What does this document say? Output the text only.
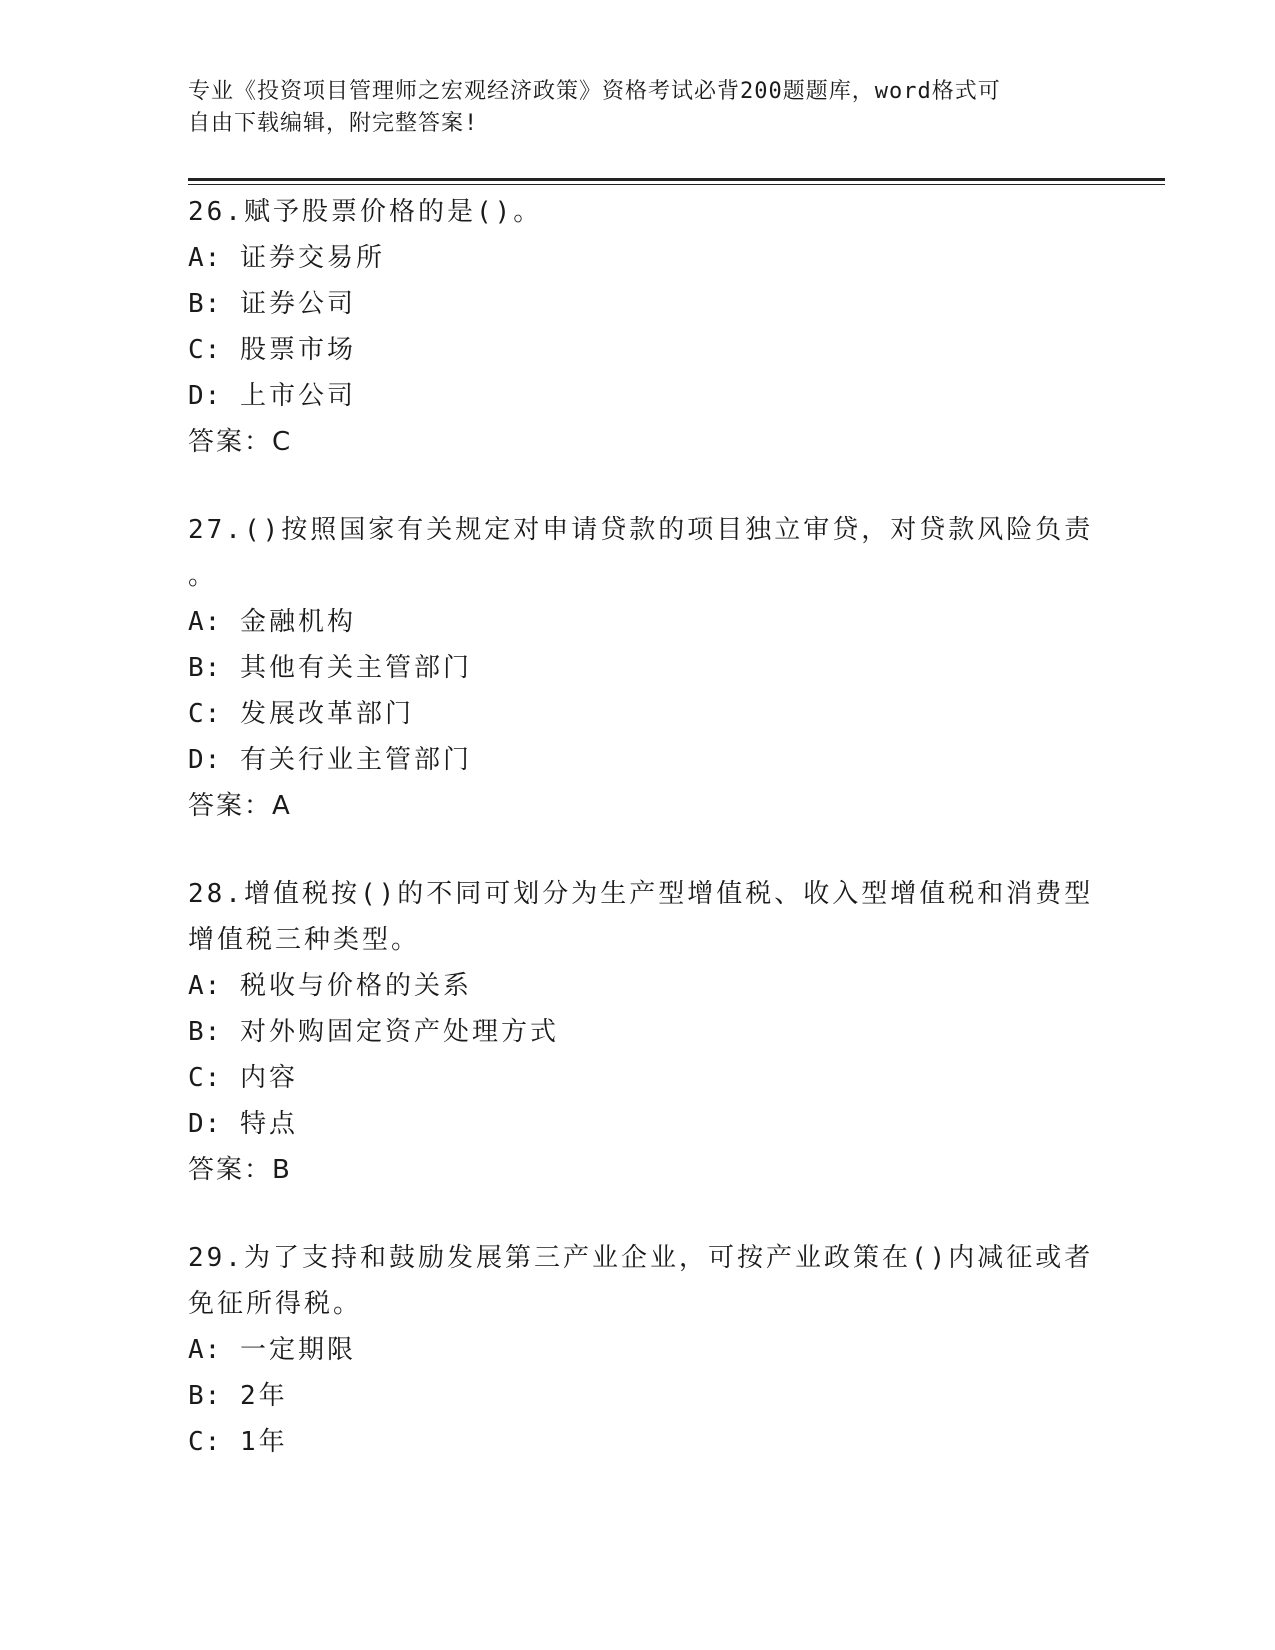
专业《投资项目管理师之宏观经济政策》资格考试必背200题题库，word格式可
自由下载编辑，附完整答案!
26.赋予股票价格的是()。
A: 证券交易所
B: 证券公司
C: 股票市场
D: 上市公司
答案：C
27.()按照国家有关规定对申请贷款的项目独立审贷，对贷款风险负责
。
A: 金融机构
B: 其他有关主管部门
C: 发展改革部门
D: 有关行业主管部门
答案：A
28.增值税按()的不同可划分为生产型增值税、收入型增值税和消费型
增值税三种类型。
A: 税收与价格的关系
B: 对外购固定资产处理方式
C: 内容
D: 特点
答案：B
29.为了支持和鼓励发展第三产业企业，可按产业政策在()内减征或者
免征所得税。
A: 一定期限
B: 2年
C: 1年
